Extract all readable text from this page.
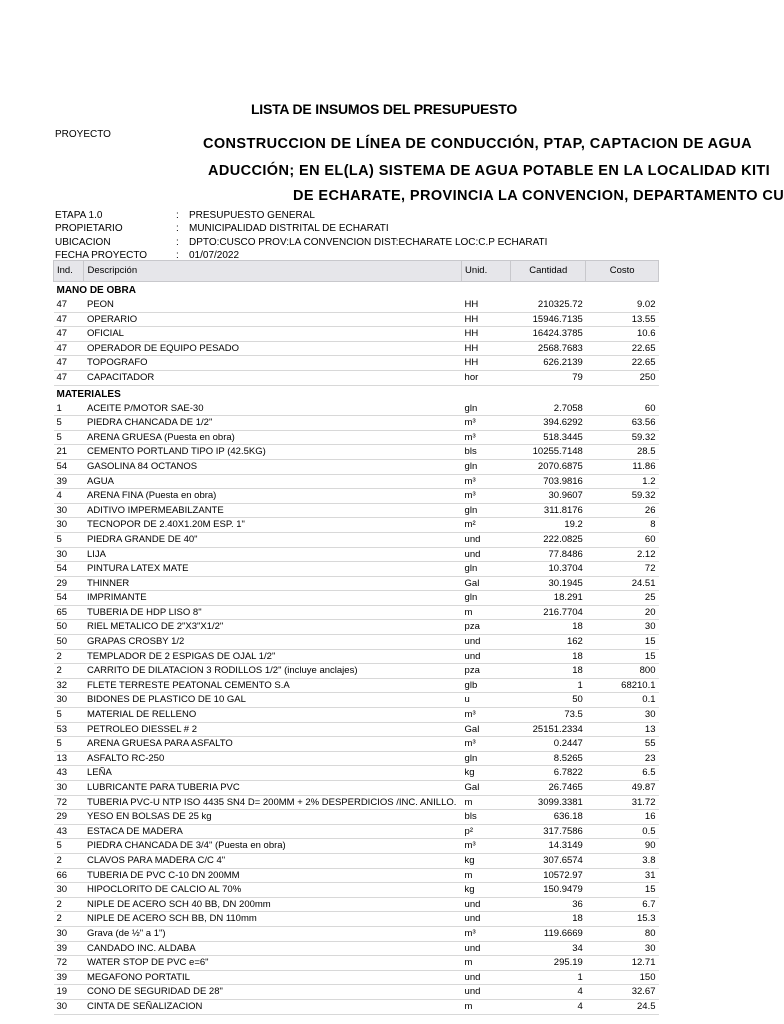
LISTA DE INSUMOS DEL PRESUPUESTO
PROYECTO
CONSTRUCCION DE LÍNEA DE CONDUCCIÓN, PTAP, CAPTACION DE AGUA
ADUCCIÓN; EN EL(LA) SISTEMA DE AGUA POTABLE EN LA LOCALIDAD KITI
DE ECHARATE, PROVINCIA LA CONVENCION, DEPARTAMENTO CU
ETAPA 1.0	: PRESUPUESTO GENERAL
PROPIETARIO	: MUNICIPALIDAD DISTRITAL DE ECHARATI
UBICACION	: DPTO:CUSCO PROV:LA CONVENCION DIST:ECHARATE LOC:C.P ECHARATI
FECHA PROYECTO	: 01/07/2022
Ind.	Descripción	Unid.	Cantidad	Costo
MANO DE OBRA				
47	PEON	HH	210325.72	9.02
47	OPERARIO	HH	15946.7135	13.55
47	OFICIAL	HH	16424.3785	10.6
47	OPERADOR DE EQUIPO PESADO	HH	2568.7683	22.65
47	TOPOGRAFO	HH	626.2139	22.65
47	CAPACITADOR	hor	79	250
MATERIALES				
1	ACEITE P/MOTOR SAE-30	gln	2.7058	60
5	PIEDRA CHANCADA DE 1/2"	m³	394.6292	63.56
5	ARENA GRUESA (Puesta en obra)	m³	518.3445	59.32
21	CEMENTO PORTLAND TIPO IP (42.5KG)	bls	10255.7148	28.5
54	GASOLINA 84 OCTANOS	gln	2070.6875	11.86
39	AGUA	m³	703.9816	1.2
4	ARENA FINA (Puesta en obra)	m³	30.9607	59.32
30	ADITIVO IMPERMEABILZANTE	gln	311.8176	26
30	TECNOPOR DE 2.40X1.20M ESP. 1"	m²	19.2	8
5	PIEDRA GRANDE DE 40"	und	222.0825	60
30	LIJA	und	77.8486	2.12
54	PINTURA LATEX MATE	gln	10.3704	72
29	THINNER	Gal	30.1945	24.51
54	IMPRIMANTE	gln	18.291	25
65	TUBERIA DE HDP LISO 8"	m	216.7704	20
50	RIEL METALICO DE 2"X3"X1/2"	pza	18	30
50	GRAPAS CROSBY 1/2	und	162	15
2	TEMPLADOR DE 2 ESPIGAS DE OJAL 1/2"	und	18	15
2	CARRITO DE DILATACION 3 RODILLOS 1/2" (incluye anclajes)	pza	18	800
32	FLETE TERRESTE PEATONAL CEMENTO S.A	glb	1	68210.1
30	BIDONES DE PLASTICO DE 10 GAL	u	50	0.1
5	MATERIAL DE RELLENO	m³	73.5	30
53	PETROLEO DIESSEL # 2	Gal	25151.2334	13
5	ARENA GRUESA PARA ASFALTO	m³	0.2447	55
13	ASFALTO RC-250	gln	8.5265	23
43	LEÑA	kg	6.7822	6.5
30	LUBRICANTE PARA TUBERIA PVC	Gal	26.7465	49.87
72	TUBERIA PVC-U NTP ISO 4435 SN4 D= 200MM + 2% DESPERDICIOS /INC. ANILLO.	m	3099.3381	31.72
29	YESO EN BOLSAS DE 25 kg	bls	636.18	16
43	ESTACA DE MADERA	p²	317.7586	0.5
5	PIEDRA CHANCADA DE 3/4" (Puesta en obra)	m³	14.3149	90
2	CLAVOS PARA MADERA C/C 4"	kg	307.6574	3.8
66	TUBERIA DE PVC C-10 DN 200MM	m	10572.97	31
30	HIPOCLORITO DE CALCIO AL 70%	kg	150.9479	15
2	NIPLE DE ACERO SCH 40 BB, DN 200mm	und	36	6.7
2	NIPLE DE ACERO SCH BB, DN 110mm	und	18	15.3
30	Grava (de ½" a 1")	m³	119.6669	80
39	CANDADO INC. ALDABA	und	34	30
72	WATER STOP DE PVC e=6"	m	295.19	12.71
39	MEGAFONO PORTATIL	und	1	150
19	CONO DE SEGURIDAD DE 28"	und	4	32.67
30	CINTA DE SEÑALIZACION	m	4	24.5
